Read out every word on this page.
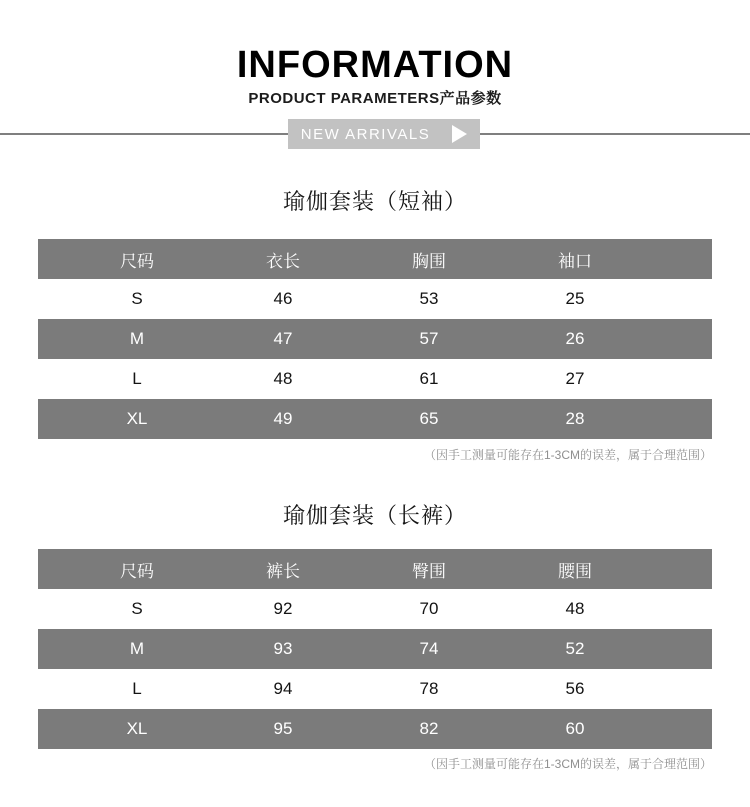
INFORMATION
PRODUCT PARAMETERS产品参数
NEW ARRIVALS
瑜伽套装（短袖）
尺码	衣长	胸围	袖口
S	46	53	25
M	47	57	26
L	48	61	27
XL	49	65	28
（因手工测量可能存在1-3CM的误差，属于合理范围）
瑜伽套装（长裤）
尺码	裤长	臀围	腰围
S	92	70	48
M	93	74	52
L	94	78	56
XL	95	82	60
（因手工测量可能存在1-3CM的误差，属于合理范围）
